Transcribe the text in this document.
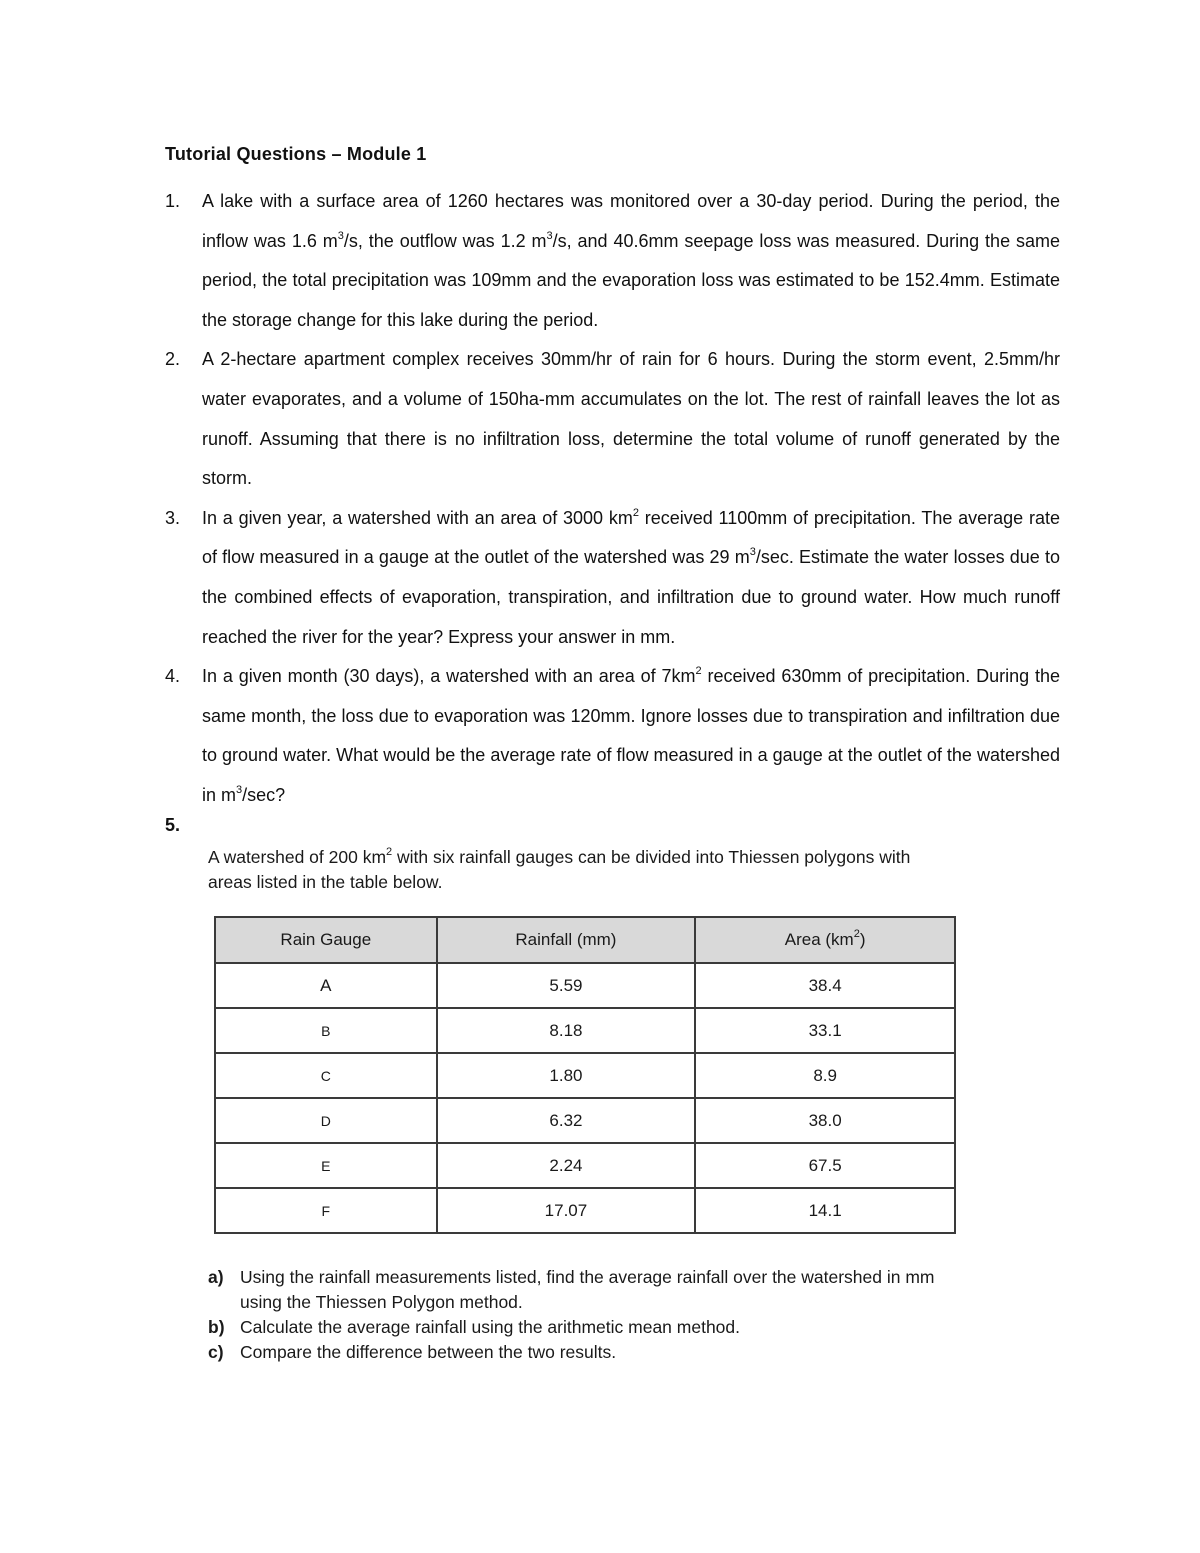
Tutorial Questions – Module 1
1. A lake with a surface area of 1260 hectares was monitored over a 30-day period. During the period, the inflow was 1.6 $m^3/s$, the outflow was 1.2 $m^3/s$, and 40.6mm seepage loss was measured. During the same period, the total precipitation was 109mm and the evaporation loss was estimated to be 152.4mm. Estimate the storage change for this lake during the period.
2. A 2-hectare apartment complex receives 30mm/hr of rain for 6 hours. During the storm event, 2.5mm/hr water evaporates, and a volume of 150ha-mm accumulates on the lot. The rest of rainfall leaves the lot as runoff. Assuming that there is no infiltration loss, determine the total volume of runoff generated by the storm.
3. In a given year, a watershed with an area of 3000 $km^2$ received 1100mm of precipitation. The average rate of flow measured in a gauge at the outlet of the watershed was 29 $m^3/\sec$. Estimate the water losses due to the combined effects of evaporation, transpiration, and infiltration due to ground water. How much runoff reached the river for the year? Express your answer in mm.
4. In a given month (30 days), a watershed with an area of $7km^2$ received 630mm of precipitation. During the same month, the loss due to evaporation was 120mm. Ignore losses due to transpiration and infiltration due to ground water. What would be the average rate of flow measured in a gauge at the outlet of the watershed in $m^3/\sec$?
5.
A watershed of 200 $km^2$ with six rainfall gauges can be divided into Thiessen polygons with areas listed in the table below.
Rain Gauge	Rainfall (mm)	Area $(km^2)$
A	5.59	38.4
B	8.18	33.1
C	1.80	8.9
D	6.32	38.0
E	2.24	67.5
F	17.07	14.1
a) Using the rainfall measurements listed, find the average rainfall over the watershed in mm using the Thiessen Polygon method.
b) Calculate the average rainfall using the arithmetic mean method.
c) Compare the difference between the two results.
